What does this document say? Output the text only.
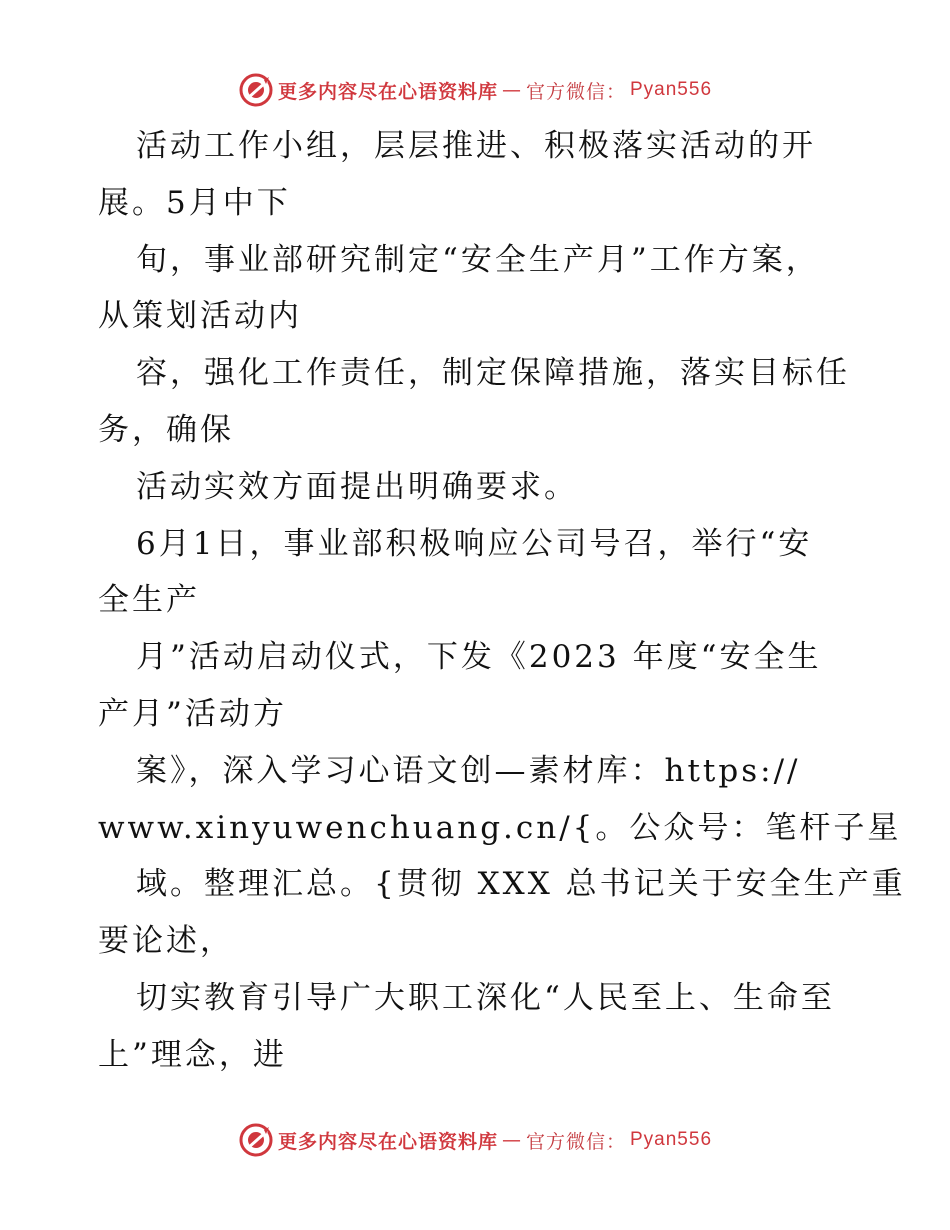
更多内容尽在心语资料库 — 官方微信： Pyan556
活动工作小组，层层推进、积极落实活动的开
展。5月中下
旬，事业部研究制定“安全生产月”工作方案，
从策划活动内
容，强化工作责任，制定保障措施，落实目标任
务，确保
活动实效方面提出明确要求。
6月1日，事业部积极响应公司号召，举行“安
全生产
月”活动启动仪式，下发《2023 年度“安全生
产月”活动方
案》，深入学习心语文创—素材库：https://
www.xinyuwenchuang.cn/{。公众号：笔杆子星
域。整理汇总。{贯彻 XXX 总书记关于安全生产重
要论述，
切实教育引导广大职工深化“人民至上、生命至
上”理念，进
更多内容尽在心语资料库 — 官方微信： Pyan556
